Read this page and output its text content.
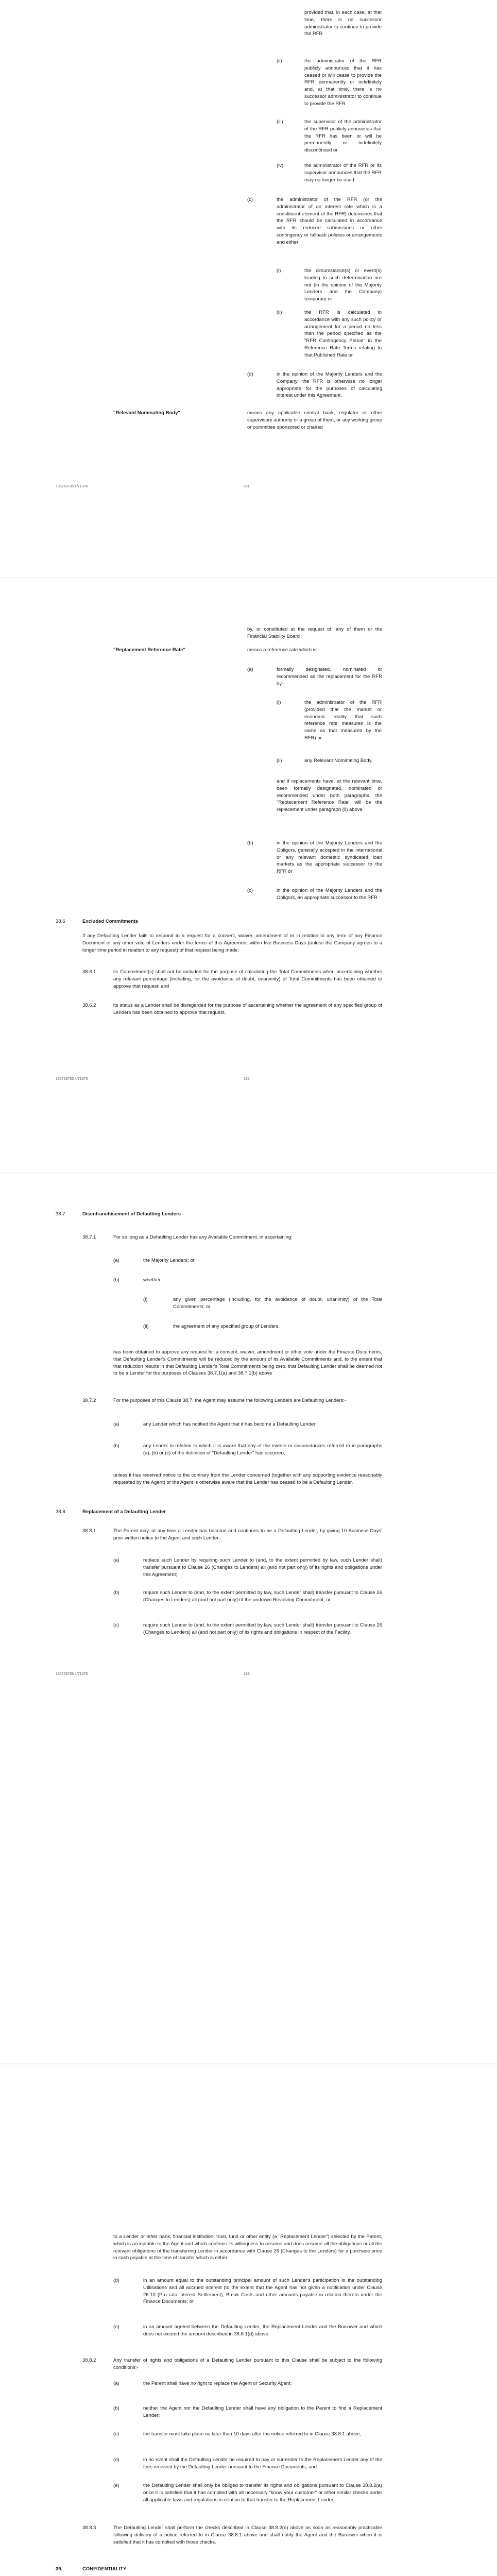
provided that, in each case, at that time, there is no successor administrator to continue to provide the RFR
(ii)	the administrator of the RFR publicly announces that it has ceased or will cease to provide the RFR permanently or indefinitely and, at that time, there is no successor administrator to continue to provide the RFR
(iii)	the supervisor of the administrator of the RFR publicly announces that the RFR has been or will be permanently or indefinitely discontinued or
(iv)	the administrator of the RFR or its supervisor announces that the RFR may no longer be used
(c)	the administrator of the RFR (or the administrator of an interest rate which is a constituent element of the RFR) determines that the RFR should be calculated in accordance with its reduced submissions or other contingency or fallback policies or arrangements and either:
(i)	the circumstance(s) or event(s) leading to such determination are not (in the opinion of the Majority Lenders and the Company) temporary or
(ii)	the RFR is calculated in accordance with any such policy or arrangement for a period no less than the period specified as the "RFR Contingency Period" in the Reference Rate Terms relating to that Published Rate or
(d)	in the opinion of the Majority Lenders and the Company, the RFR is otherwise no longer appropriate for the purposes of calculating interest under this Agreement.
"Relevant Nominating Body"	means any applicable central bank, regulator or other supervisory authority or a group of them, or any working group or committee sponsored or chaired
136763735.4/71376	161
by, or constituted at the request of, any of them or the Financial Stability Board
"Replacement Reference Rate"	means a reference rate which is:-
(a)	formally designated, nominated or recommended as the replacement for the RFR by:-
(i)	the administrator of the RFR (provided that the market or economic reality that such reference rate measures is the same as that measured by the RFR) or
(ii)	any Relevant Nominating Body,
and if replacements have, at the relevant time, been formally designated, nominated or recommended under both paragraphs, the "Replacement Reference Rate" will be the replacement under paragraph (ii) above
(b)	in the opinion of the Majority Lenders and the Obligors, generally accepted in the international or any relevant domestic syndicated loan markets as the appropriate successor to the RFR or
(c)	in the opinion of the Majority Lenders and the Obligors, an appropriate successor to the RFR
38.6	Excluded Commitments
If any Defaulting Lender fails to respond to a request for a consent, waiver, amendment of or in relation to any term of any Finance Document or any other vote of Lenders under the terms of this Agreement within five Business Days (unless the Company agrees to a longer time period in relation to any request) of that request being made:
38.6.1	its Commitment(s) shall not be included for the purpose of calculating the Total Commitments when ascertaining whether any relevant percentage (including, for the avoidance of doubt, unanimity) of Total Commitments has been obtained to approve that request; and
38.6.2	its status as a Lender shall be disregarded for the purpose of ascertaining whether the agreement of any specified group of Lenders has been obtained to approve that request.
136763735.4/71376	162
38.7	Disenfranchisement of Defaulting Lenders
38.7.1	For so long as a Defaulting Lender has any Available Commitment, in ascertaining:
(a)	the Majority Lenders; or
(b)	whether:
(i)	any given percentage (including, for the avoidance of doubt, unanimity) of the Total Commitments; or
(ii)	the agreement of any specified group of Lenders,
has been obtained to approve any request for a consent, waiver, amendment or other vote under the Finance Documents, that Defaulting Lender's Commitments will be reduced by the amount of its Available Commitments and, to the extent that that reduction results in that Defaulting Lender's Total Commitments being zero, that Defaulting Lender shall be deemed not to be a Lender for the purposes of Clauses 38.7.1(a) and 38.7.1(b) above
38.7.2	For the purposes of this Clause 38.7, the Agent may assume the following Lenders are Defaulting Lenders:-
(a)	any Lender which has notified the Agent that it has become a Defaulting Lender;
(b)	any Lender in relation to which it is aware that any of the events or circumstances referred to in paragraphs (a), (b) or (c) of the definition of "Defaulting Lender" has occurred,
unless it has received notice to the contrary from the Lender concerned (together with any supporting evidence reasonably requested by the Agent) or the Agent is otherwise aware that the Lender has ceased to be a Defaulting Lender.
38.8	Replacement of a Defaulting Lender
38.8.1	The Parent may, at any time a Lender has become and continues to be a Defaulting Lender, by giving 10 Business Days' prior written notice to the Agent and such Lender:-
(a)	replace such Lender by requiring such Lender to (and, to the extent permitted by law, such Lender shall) transfer pursuant to Clause 26 (Changes to Lenders) all (and not part only) of its rights and obligations under this Agreement;
(b)	require such Lender to (and, to the extent permitted by law, such Lender shall) transfer pursuant to Clause 26 (Changes to Lenders) all (and not part only) of the undrawn Revolving Commitment; or
(c)	require such Lender to (and, to the extent permitted by law, such Lender shall) transfer pursuant to Clause 26 (Changes to Lenders) all (and not part only) of its rights and obligations in respect of the Facility,
136763735.4/71376	163
to a Lender or other bank, financial institution, trust, fund or other entity (a "Replacement Lender") selected by the Parent, which is acceptable to the Agent and which confirms its willingness to assume and does assume all the obligations or all the relevant obligations of the transferring Lender in accordance with Clause 26 (Changes to the Lenders) for a purchase price in cash payable at the time of transfer which is either:
(d)	in an amount equal to the outstanding principal amount of such Lender's participation in the outstanding Utilisations and all accrued interest (to the extent that the Agent has not given a notification under Clause 26.10 (Pro rata interest Settlement), Break Costs and other amounts payable in relation thereto under the Finance Documents; or
(e)	in an amount agreed between the Defaulting Lender, the Replacement Lender and the Borrower and which does not exceed the amount described in 38.8.1(d) above.
38.8.2	Any transfer of rights and obligations of a Defaulting Lender pursuant to this Clause shall be subject to the following conditions:-
(a)	the Parent shall have no right to replace the Agent or Security Agent;
(b)	neither the Agent nor the Defaulting Lender shall have any obligation to the Parent to find a Replacement Lender;
(c)	the transfer must take place no later than 10 days after the notice referred to in Clause 38.8.1 above;
(d)	in no event shall the Defaulting Lender be required to pay or surrender to the Replacement Lender any of the fees received by the Defaulting Lender pursuant to the Finance Documents; and
(e)	the Defaulting Lender shall only be obliged to transfer its rights and obligations pursuant to Clause 38.8.2(a) once it is satisfied that it has complied with all necessary "know your customer" or other similar checks under all applicable laws and regulations in relation to that transfer to the Replacement Lender.
38.8.3	The Defaulting Lender shall perform the checks described in Clause 38.8.2(e) above as soon as reasonably practicable following delivery of a notice referred to in Clause 38.8.1 above and shall notify the Agent and the Borrower when it is satisfied that it has complied with those checks.
39.	CONFIDENTIALITY
